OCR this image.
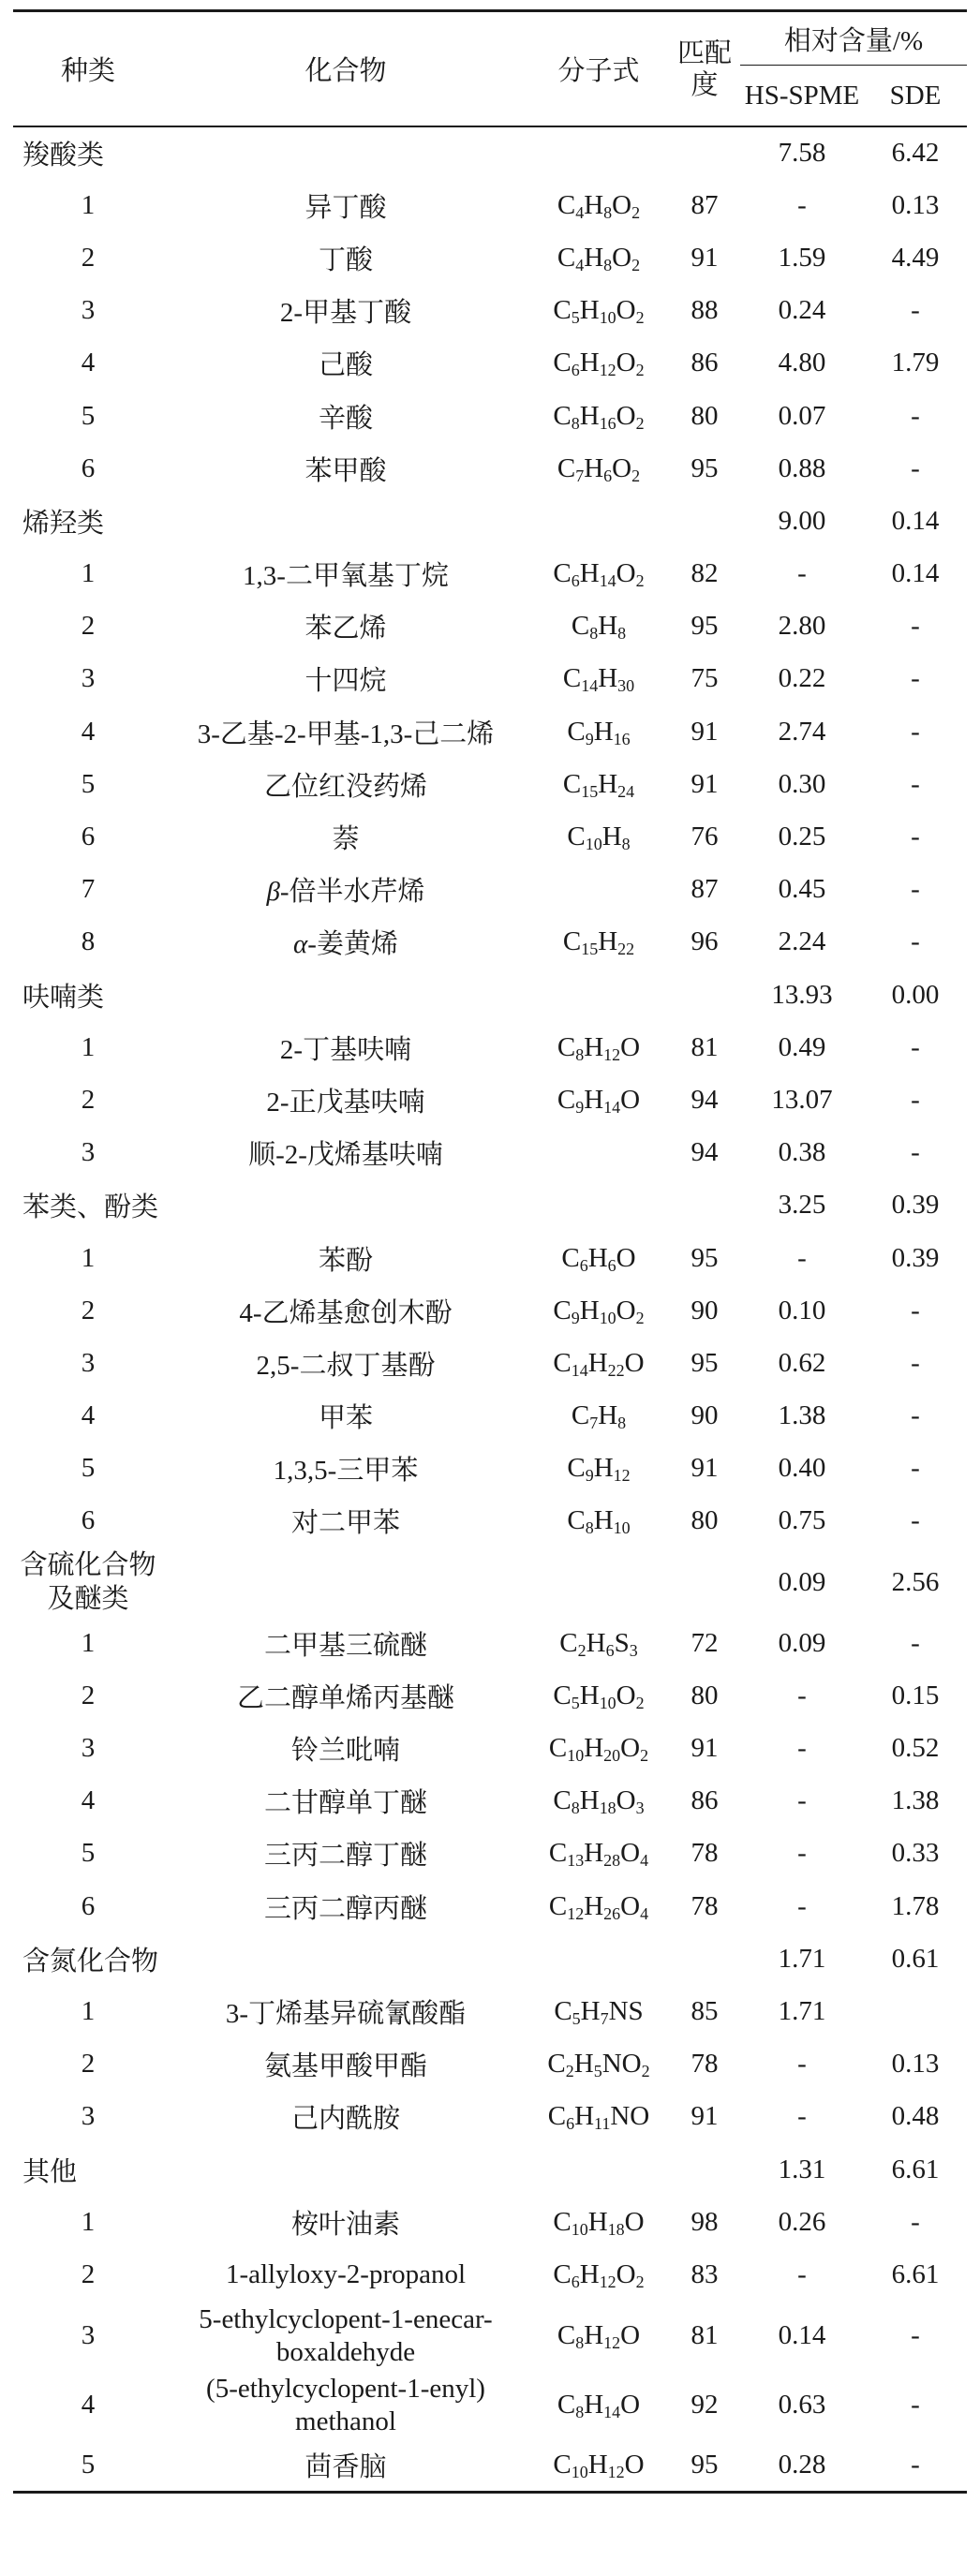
种类	化合物	分子式	匹配度	相对含量/%	
				HS-SPME	SDE
羧酸类				7.58	6.42
1	异丁酸	$C_4H_8O_2$	87	-	0.13
2	丁酸	$C_4H_8O_2$	91	1.59	4.49
3	2-甲基丁酸	$C_5H_{10}O_2$	88	0.24	-
4	己酸	$C_6H_{12}O_2$	86	4.80	1.79
5	辛酸	$C_8H_{16}O_2$	80	0.07	-
6	苯甲酸	$C_7H_6O_2$	95	0.88	-
烯羟类				9.00	0.14
1	1,3-二甲氧基丁烷	$C_6H_{14}O_2$	82	-	0.14
2	苯乙烯	$C_8H_8$	95	2.80	-
3	十四烷	$C_{14}H_{30}$	75	0.22	-
4	3-乙基-2-甲基-1,3-己二烯	$C_9H_{16}$	91	2.74	-
5	乙位红没药烯	$C_{15}H_{24}$	91	0.30	-
6	萘	$C_{10}H_8$	76	0.25	-
7	β-倍半水芹烯		87	0.45	-
8	α-姜黄烯	$C_{15}H_{22}$	96	2.24	-
呋喃类				13.93	0.00
1	2-丁基呋喃	$C_8H_{12}O$	81	0.49	-
2	2-正戊基呋喃	$C_9H_{14}O$	94	13.07	-
3	顺-2-戊烯基呋喃		94	0.38	-
苯类、酚类				3.25	0.39
1	苯酚	$C_6H_6O$	95	-	0.39
2	4-乙烯基愈创木酚	$C_9H_{10}O_2$	90	0.10	-
3	2,5-二叔丁基酚	$C_{14}H_{22}O$	95	0.62	-
4	甲苯	$C_7H_8$	90	1.38	-
5	1,3,5-三甲苯	$C_9H_{12}$	91	0.40	-
6	对二甲苯	$C_8H_{10}$	80	0.75	-

含硫化合物
及醚类				0.09	2.56
1	二甲基三硫醚	$C_2H_6S_3$	72	0.09	-
2	乙二醇单烯丙基醚	$C_5H_{10}O_2$	80	-	0.15
3	铃兰吡喃	$C_{10}H_{20}O_2$	91	-	0.52
4	二甘醇单丁醚	$C_8H_{18}O_3$	86	-	1.38
5	三丙二醇丁醚	$C_{13}H_{28}O_4$	78	-	0.33
6	三丙二醇丙醚	$C_{12}H_{26}O_4$	78	-	1.78
含氮化合物				1.71	0.61
1	3-丁烯基异硫氰酸酯	$C_5H_7NS$	85	1.71	
2	氨基甲酸甲酯	$C_2H_5NO_2$	78	-	0.13
3	己内酰胺	$C_6H_{11}NO$	91	-	0.48
其他				1.31	6.61
1	桉叶油素	$C_{10}H_{18}O$	98	0.26	-
2	1-allyloxy-2-propanol	$C_6H_{12}O_2$	83	-	6.61
3	5-ethylcyclopent-1-enecar-
boxaldehyde	$C_8H_{12}O$	81	0.14	-
4	(5-ethylcyclopent-1-enyl)
methanol	$C_8H_{14}O$	92	0.63	-
5	茴香脑	$C_{10}H_{12}O$	95	0.28	-
